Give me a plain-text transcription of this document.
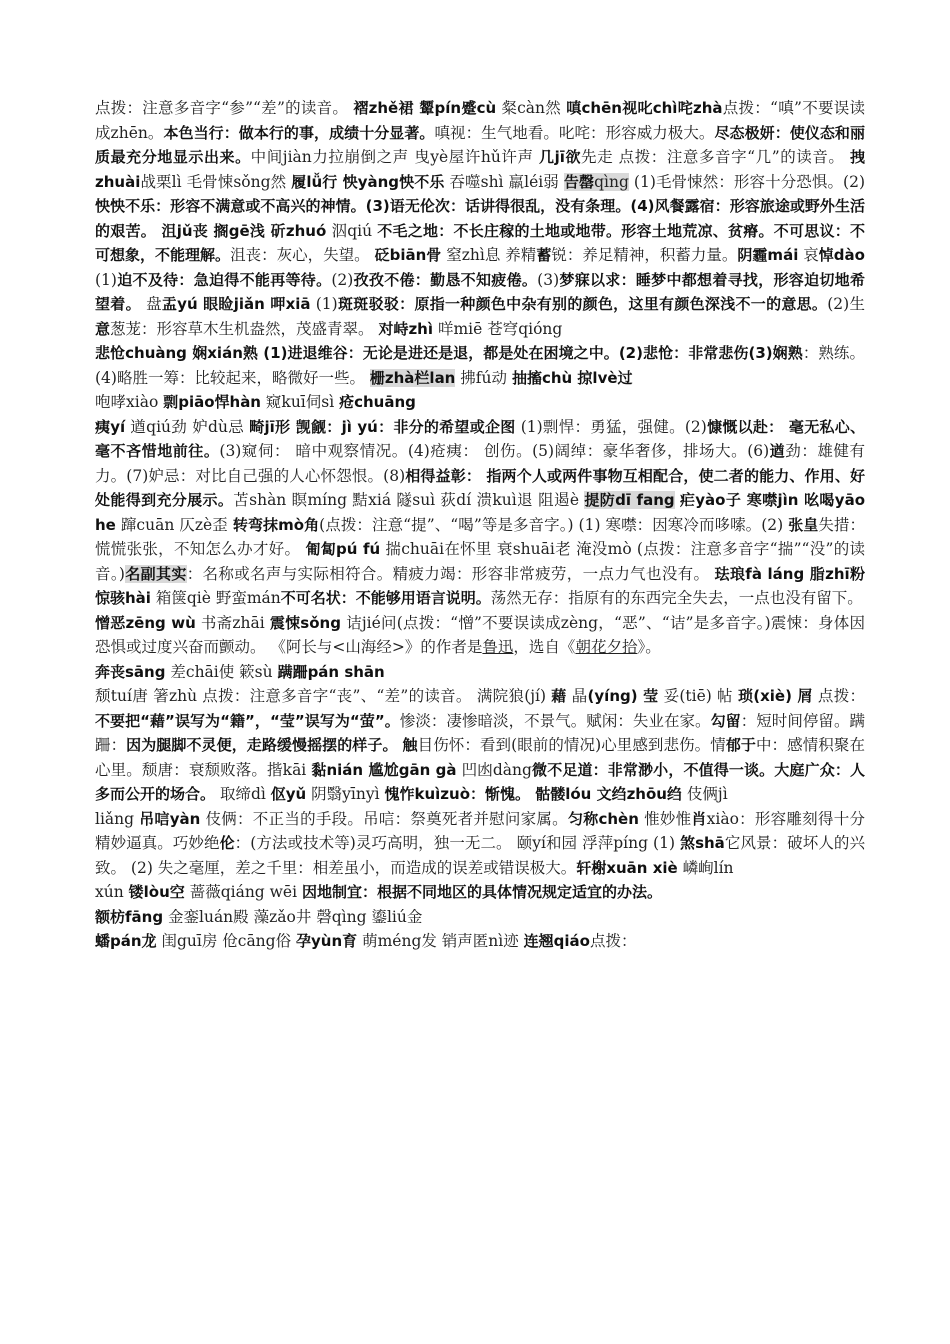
点拨：注意多音字“参”“差”的读音。 褶zhě裙 颦pín蹙cù 粲càn然 嗔chēn视叱chì咤zhà点拨：“嗔”不要误读成zhēn。本色当行：做本行的事，成绩十分显著。嗔视：生气地看。叱咤：形容威力极大。尽态极妍：使仪态和丽质最充分地显示出来。中间jiàn力拉崩倒之声 曳yè屋许hǔ许声 几jī欲先走 点拨：注意多音字“几”的读音。 拽zhuài战栗lì 毛骨悚sǒng然 履lǚ行 怏yàng怏不乐 吞噬shì 羸léi弱 告罄qìng (1)毛骨悚然：形容十分恐惧。(2)怏怏不乐：形容不满意或不高兴的神情。(3)语无伦次：话讲得很乱，没有条理。(4)风餐露宿：形容旅途或野外生活的艰苦。 沮jǔ丧 搁gē浅 斫zhuó 泅qiú 不毛之地：不长庄稼的土地或地带。形容土地荒凉、贫瘠。不可思议：不可想象，不能理解。沮丧：灰心，失望。 砭biān骨 窒zhì息 养精蓄锐：养足精神，积蓄力量。阴霾mái 哀悼dào (1)迫不及待：急迫得不能再等待。(2)孜孜不倦：勤恳不知疲倦。(3)梦寐以求：睡梦中都想着寻找，形容迫切地希望着。 盘盂yú 眼睑jiǎn 呷xiā (1)斑斑驳驳：原指一种颜色中杂有别的颜色，这里有颜色深浅不一的意思。(2)生意葱茏：形容草木生机盎然，茂盛青翠。 对峙zhì 咩miē 苍穹qióng

悲怆chuàng 娴xián熟 (1)进退维谷：无论是进还是退，都是处在困境之中。(2)悲怆：非常悲伤(3)娴熟：熟练。(4)略胜一筹：比较起来，略微好一些。 栅zhà栏lan 拂fú动 抽搐chù 掠lvè过

咆哮xiào 剽piāo悍hàn 窥kuī伺sì 疮chuāng

痍yí 遒qiú劲 妒dù忌 畸jī形 觊觎：jì yú：非分的希望或企图 (1)剽悍：勇猛，强健。(2)慷慨以赴： 毫无私心、毫不吝惜地前往。(3)窥伺： 暗中观察情况。(4)疮痍： 创伤。(5)阔绰：豪华奢侈，排场大。(6)遒劲：雄健有力。(7)妒忌：对比自己强的人心怀怨恨。(8)相得益彰： 指两个人或两件事物互相配合，使二者的能力、作用、好处能得到充分展示。苫shàn 瞑míng 黠xiá 隧suì 荻dí 溃kuì退 阻遏è 提防dī fang 疟yào子 寒噤jìn 吆喝yāo he 蹿cuān 仄zè歪 转弯抹mò角(点拨：注意“提”、“喝”等是多音字。) (1) 寒噤：因寒冷而哆嗦。(2) 张皇失措：慌慌张张，不知怎么办才好。 匍匐pú fú 揣chuāi在怀里 衰shuāi老 淹没mò (点拨：注意多音字“揣”“没”的读音。)名副其实：名称或名声与实际相符合。精疲力竭：形容非常疲劳，一点力气也没有。 珐琅fà láng 脂zhī粉 惊骇hài 箱箧qiè 野蛮mán不可名状：不能够用语言说明。荡然无存：指原有的东西完全失去，一点也没有留下。

憎恶zēng wù 书斋zhāi 震悚sǒng 诘jié问(点拨：“憎”不要误读成zèng，“恶”、“诘”是多音字。)震悚：身体因恐惧或过度兴奋而颤动。 《阿长与<山海经>》的作者是鲁迅，选自《朝花夕拾》。

奔丧sāng 差chāi使 簌sù 蹒跚pán shān

颓tuí唐 箸zhù 点拨：注意多音字“丧”、“差”的读音。 满院狼(jí) 藉 晶(yíng) 莹 妥(tiē) 帖 琐(xiè) 屑 点拨：不要把“藉”误写为“籍”，“莹”误写为“萤”。惨淡：凄惨暗淡，不景气。赋闲：失业在家。勾留：短时间停留。蹒跚：因为腿脚不灵便，走路缓慢摇摆的样子。 触目伤怀：看到(眼前的情况)心里感到悲伤。情郁于中：感情积聚在心里。颓唐：衰颓败落。揩kāi 黏nián 尴尬gān gà 凹凼dàng微不足道：非常渺小，不值得一谈。大庭广众：人多而公开的场合。 取缔dì 伛yǔ 阴翳yīnyì 愧怍kuìzuò：惭愧。 骷髅lóu 文绉zhōu绉 伎俩jì

liǎng 吊唁yàn 伎俩：不正当的手段。吊唁：祭奠死者并慰问家属。匀称chèn 惟妙惟肖xiào：形容雕刻得十分精妙逼真。巧妙绝伦：(方法或技术等)灵巧高明，独一无二。 颐yí和园 浮萍píng (1) 煞shā它风景：破坏人的兴致。 (2) 失之毫厘，差之千里：相差虽小，而造成的误差或错误极大。轩榭xuān xiè 嶙峋lín

xún 镂lòu空 蔷薇qiáng wēi 因地制宜：根据不同地区的具体情况规定适宜的办法。

额枋fāng 金銮luán殿 藻zǎo井 磬qìng 鎏liú金

蟠pán龙 闺guī房 伧cāng俗 孕yùn育 萌méng发 销声匿nì迹 连翘qiáo点拨：
